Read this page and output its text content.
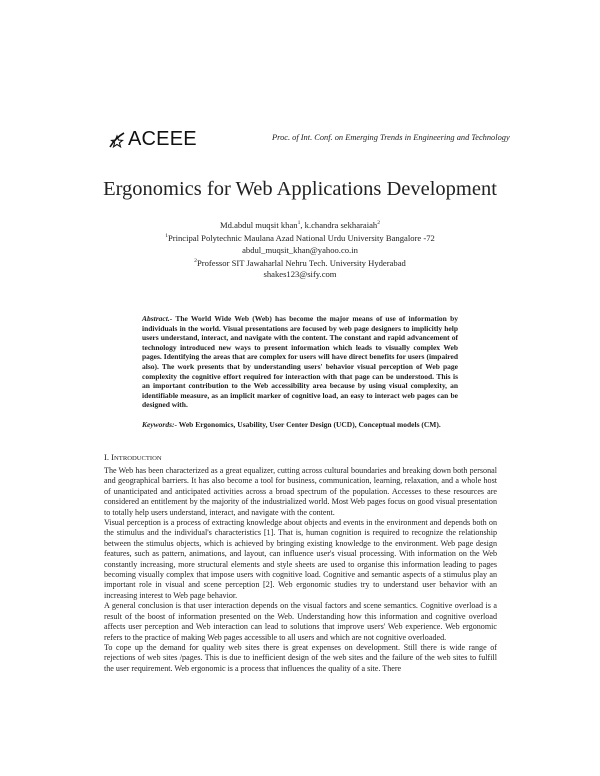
ACEEE	Proc. of Int. Conf. on Emerging Trends in Engineering and Technology
Ergonomics for Web Applications Development
Md.abdul muqsit khan$^1$, k.chandra sekharaiah$^2$
$^1$Principal Polytechnic Maulana Azad National Urdu University Bangalore -72
abdul_muqsit_khan@yahoo.co.in
$^2$Professor SIT Jawaharlal Nehru Tech. University Hyderabad
shakes123@sify.com
Abstract.- The World Wide Web (Web) has become the major means of use of information by individuals in the world. Visual presentations are focused by web page designers to implicitly help users understand, interact, and navigate with the content. The constant and rapid advancement of technology introduced new ways to present information which leads to visually complex Web pages. Identifying the areas that are complex for users will have direct benefits for users (impaired also). The work presents that by understanding users' behavior visual perception of Web page complexity the cognitive effort required for interaction with that page can be understood. This is an important contribution to the Web accessibility area because by using visual complexity, an identifiable measure, as an implicit marker of cognitive load, an easy to interact web pages can be designed with.
Keywords:- Web Ergonomics, Usability, User Center Design (UCD), Conceptual models (CM).
I. INTRODUCTION

The Web has been characterized as a great equalizer, cutting across cultural boundaries and breaking down both personal and geographical barriers. It has also become a tool for business, communication, learning, relaxation, and a whole host of unanticipated and anticipated activities across a broad spectrum of the population. Accesses to these resources are considered an entitlement by the majority of the industrialized world. Most Web pages focus on good visual presentation to totally help users understand, interact, and navigate with the content.

Visual perception is a process of extracting knowledge about objects and events in the environment and depends both on the stimulus and the individual's characteristics [1]. That is, human cognition is required to recognize the relationship between the stimulus objects, which is achieved by bringing existing knowledge to the environment. Web page design features, such as pattern, animations, and layout, can influence user's visual processing. With information on the Web constantly increasing, more structural elements and style sheets are used to organise this information leading to pages becoming visually complex that impose users with cognitive load. Cognitive and semantic aspects of a stimulus play an important role in visual and scene perception [2]. Web ergonomic studies try to understand user behavior with an increasing interest to Web page behavior.

A general conclusion is that user interaction depends on the visual factors and scene semantics. Cognitive overload is a result of the boost of information presented on the Web. Understanding how this information and cognitive overload affects user perception and Web interaction can lead to solutions that improve users' Web experience. Web ergonomic refers to the practice of making Web pages accessible to all users and which are not cognitive overloaded.

To cope up the demand for quality web sites there is great expenses on development. Still there is wide range of rejections of web sites /pages. This is due to inefficient design of the web sites and the failure of the web sites to fulfill the user requirement. Web ergonomic is a process that influences the quality of a site. There
